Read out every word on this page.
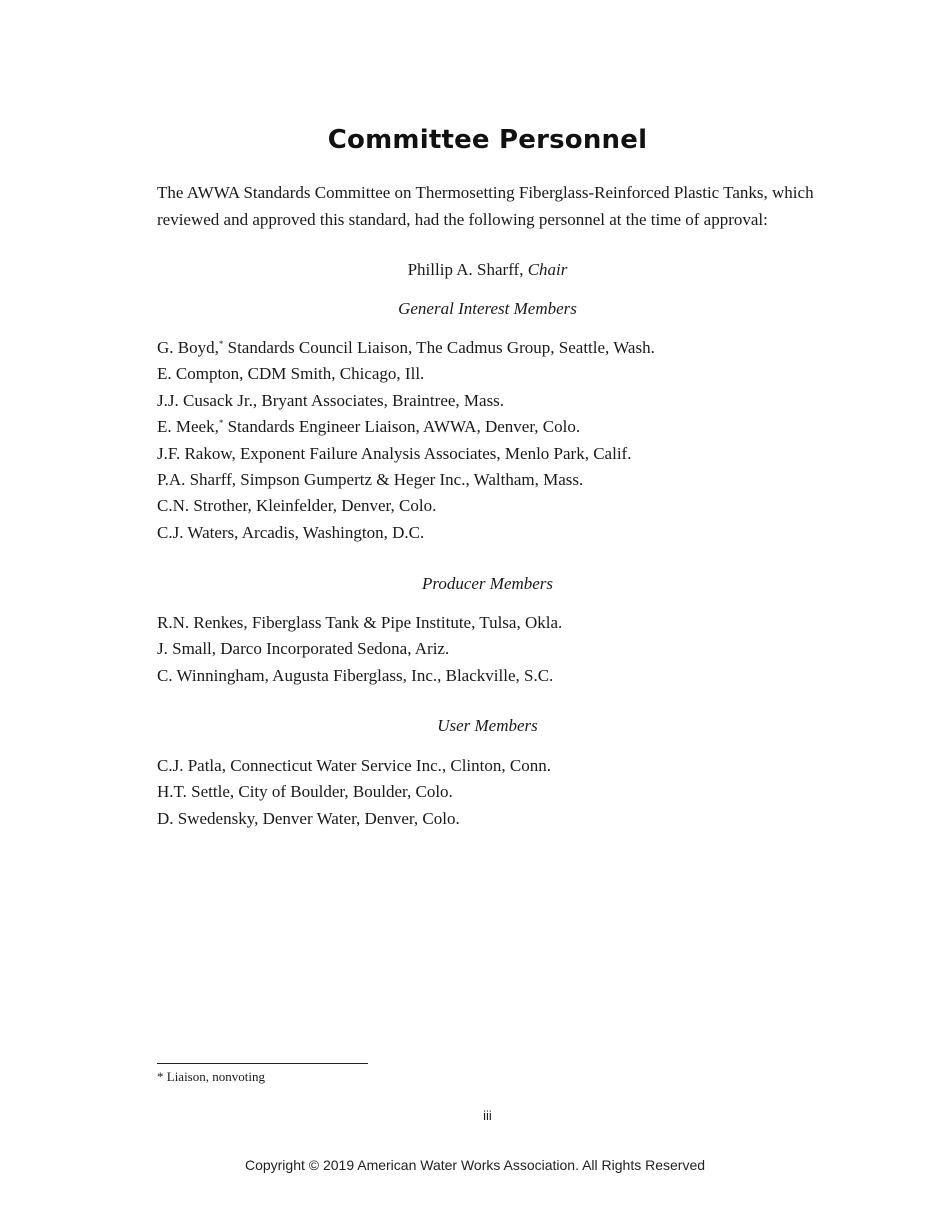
Committee Personnel

The AWWA Standards Committee on Thermosetting Fiberglass-Reinforced Plastic Tanks, which reviewed and approved this standard, had the following personnel at the time of approval:

Phillip A. Sharff, Chair
General Interest Members
G. Boyd,* Standards Council Liaison, The Cadmus Group, Seattle, Wash.
E. Compton, CDM Smith, Chicago, Ill.
J.J. Cusack Jr., Bryant Associates, Braintree, Mass.
E. Meek,* Standards Engineer Liaison, AWWA, Denver, Colo.
J.F. Rakow, Exponent Failure Analysis Associates, Menlo Park, Calif.
P.A. Sharff, Simpson Gumpertz & Heger Inc., Waltham, Mass.
C.N. Strother, Kleinfelder, Denver, Colo.
C.J. Waters, Arcadis, Washington, D.C.
Producer Members
R.N. Renkes, Fiberglass Tank & Pipe Institute, Tulsa, Okla.
J. Small, Darco Incorporated Sedona, Ariz.
C. Winningham, Augusta Fiberglass, Inc., Blackville, S.C.
User Members
C.J. Patla, Connecticut Water Service Inc., Clinton, Conn.
H.T. Settle, City of Boulder, Boulder, Colo.
D. Swedensky, Denver Water, Denver, Colo.
* Liaison, nonvoting
iii
Copyright © 2019 American Water Works Association. All Rights Reserved
